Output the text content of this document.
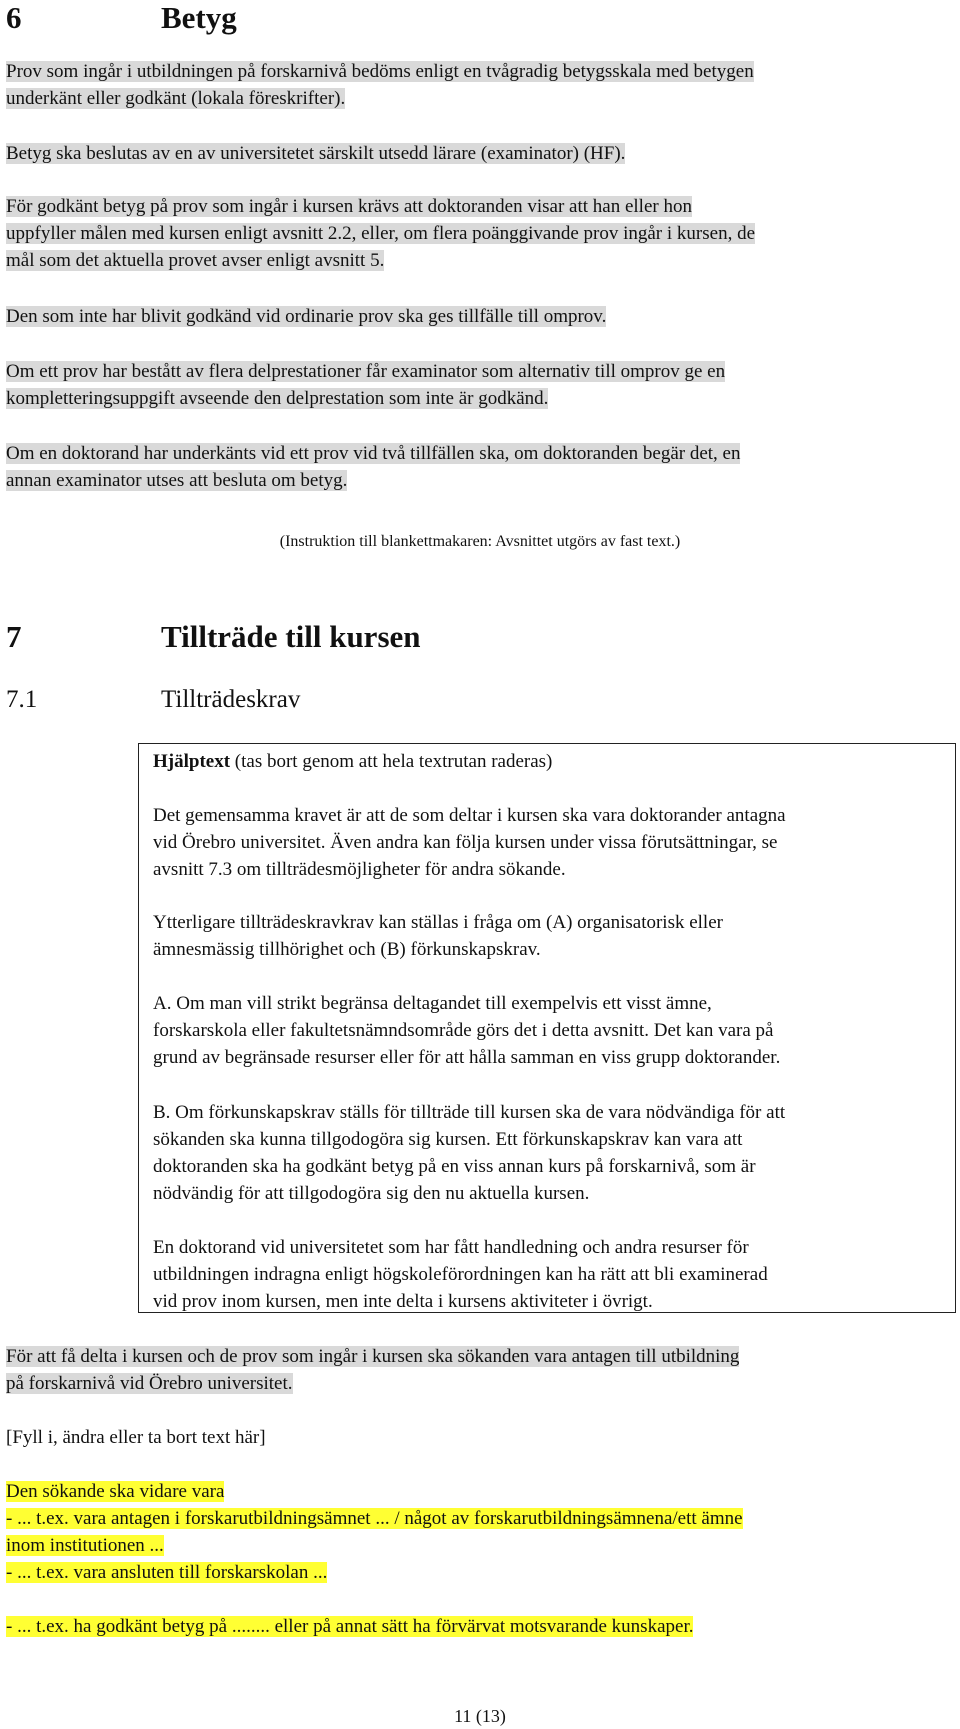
6	Betyg
Prov som ingår i utbildningen på forskarnivå bedöms enligt en tvågradig betygsskala med betygen
underkänt eller godkänt (lokala föreskrifter).
Betyg ska beslutas av en av universitetet särskilt utsedd lärare (examinator) (HF).
För godkänt betyg på prov som ingår i kursen krävs att doktoranden visar att han eller hon
uppfyller målen med kursen enligt avsnitt 2.2, eller, om flera poänggivande prov ingår i kursen, de
mål som det aktuella provet avser enligt avsnitt 5.
Den som inte har blivit godkänd vid ordinarie prov ska ges tillfälle till omprov.
Om ett prov har bestått av flera delprestationer får examinator som alternativ till omprov ge en
kompletteringsuppgift avseende den delprestation som inte är godkänd.
Om en doktorand har underkänts vid ett prov vid två tillfällen ska, om doktoranden begär det, en
annan examinator utses att besluta om betyg.
(Instruktion till blankettmakaren: Avsnittet utgörs av fast text.)
7	Tillträde till kursen
7.1	Tillträdeskrav

Hjälptext (tas bort genom att hela textrutan raderas)

Det gemensamma kravet är att de som deltar i kursen ska vara doktorander antagna
vid Örebro universitet. Även andra kan följa kursen under vissa förutsättningar, se
avsnitt 7.3 om tillträdesmöjligheter för andra sökande.

Ytterligare tillträdeskravkrav kan ställas i fråga om (A) organisatorisk eller
ämnesmässig tillhörighet och (B) förkunskapskrav.

A. Om man vill strikt begränsa deltagandet till exempelvis ett visst ämne,
forskarskola eller fakultetsnämndsområde görs det i detta avsnitt. Det kan vara på
grund av begränsade resurser eller för att hålla samman en viss grupp doktorander.

B. Om förkunskapskrav ställs för tillträde till kursen ska de vara nödvändiga för att
sökanden ska kunna tillgodogöra sig kursen. Ett förkunskapskrav kan vara att
doktoranden ska ha godkänt betyg på en viss annan kurs på forskarnivå, som är
nödvändig för att tillgodogöra sig den nu aktuella kursen.

En doktorand vid universitetet som har fått handledning och andra resurser för
utbildningen indragna enligt högskoleförordningen kan ha rätt att bli examinerad
vid prov inom kursen, men inte delta i kursens aktiviteter i övrigt.

För att få delta i kursen och de prov som ingår i kursen ska sökanden vara antagen till utbildning
på forskarnivå vid Örebro universitet.
[Fyll i, ändra eller ta bort text här]
Den sökande ska vidare vara
- ... t.ex. vara antagen i forskarutbildningsämnet ... / något av forskarutbildningsämnena/ett ämne
inom institutionen ...
- ... t.ex. vara ansluten till forskarskolan ...
- ... t.ex. ha godkänt betyg på ........ eller på annat sätt ha förvärvat motsvarande kunskaper.
11 (13)
